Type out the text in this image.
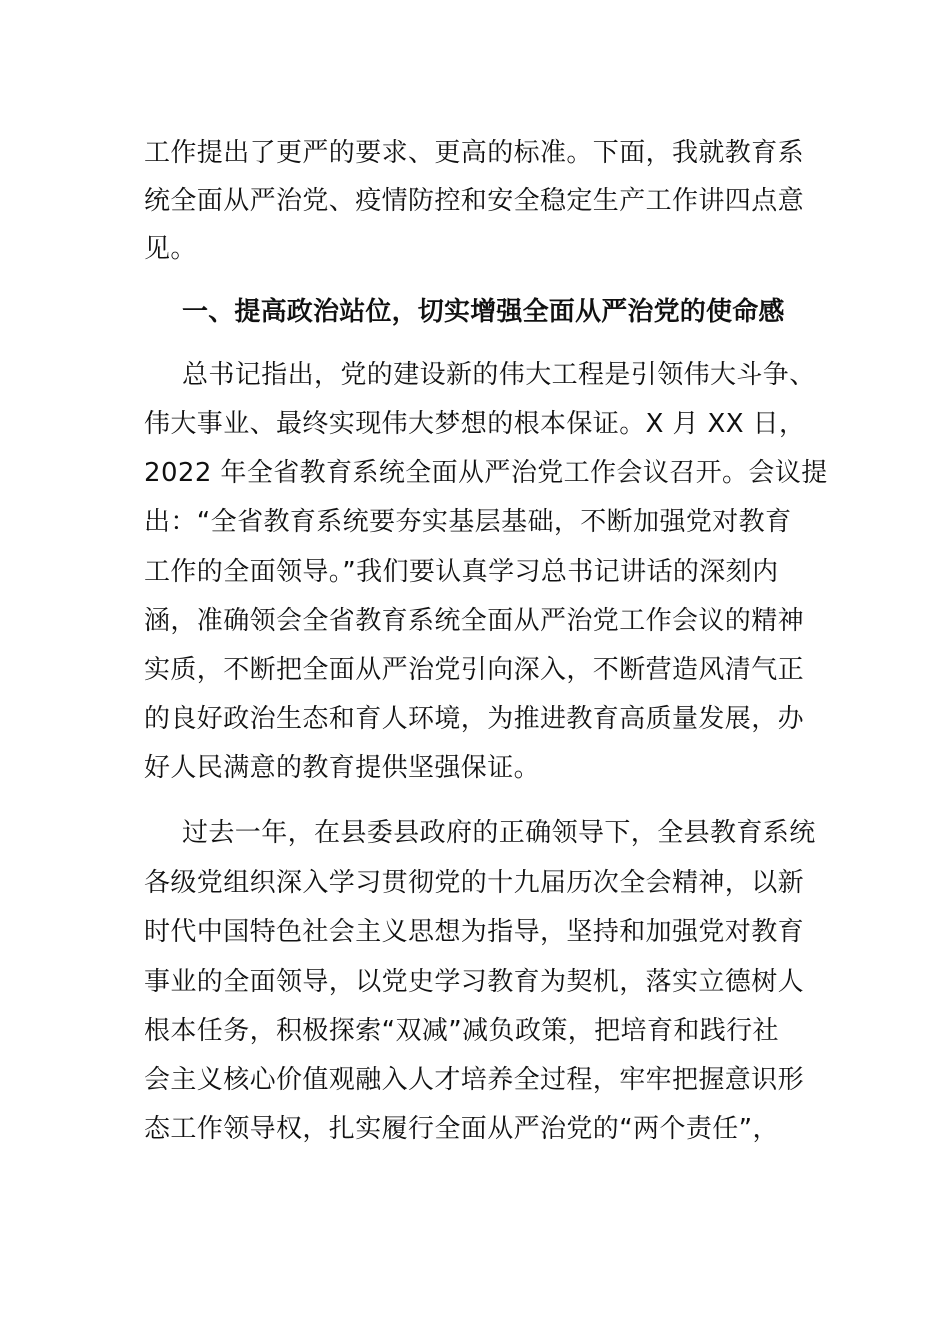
工作提出了更严的要求、更高的标准。下面，我就教育系
统全面从严治党、疫情防控和安全稳定生产工作讲四点意
见。
一、提高政治站位，切实增强全面从严治党的使命感
总书记指出，党的建设新的伟大工程是引领伟大斗争、
伟大事业、最终实现伟大梦想的根本保证。X 月 XX 日，
2022 年全省教育系统全面从严治党工作会议召开。会议提
出：“全省教育系统要夯实基层基础，不断加强党对教育
工作的全面领导。”我们要认真学习总书记讲话的深刻内
涵，准确领会全省教育系统全面从严治党工作会议的精神
实质，不断把全面从严治党引向深入，不断营造风清气正
的良好政治生态和育人环境，为推进教育高质量发展，办
好人民满意的教育提供坚强保证。
过去一年，在县委县政府的正确领导下，全县教育系统
各级党组织深入学习贯彻党的十九届历次全会精神，以新
时代中国特色社会主义思想为指导，坚持和加强党对教育
事业的全面领导，以党史学习教育为契机，落实立德树人
根本任务，积极探索“双减”减负政策，把培育和践行社
会主义核心价值观融入人才培养全过程，牢牢把握意识形
态工作领导权，扎实履行全面从严治党的“两个责任”，
